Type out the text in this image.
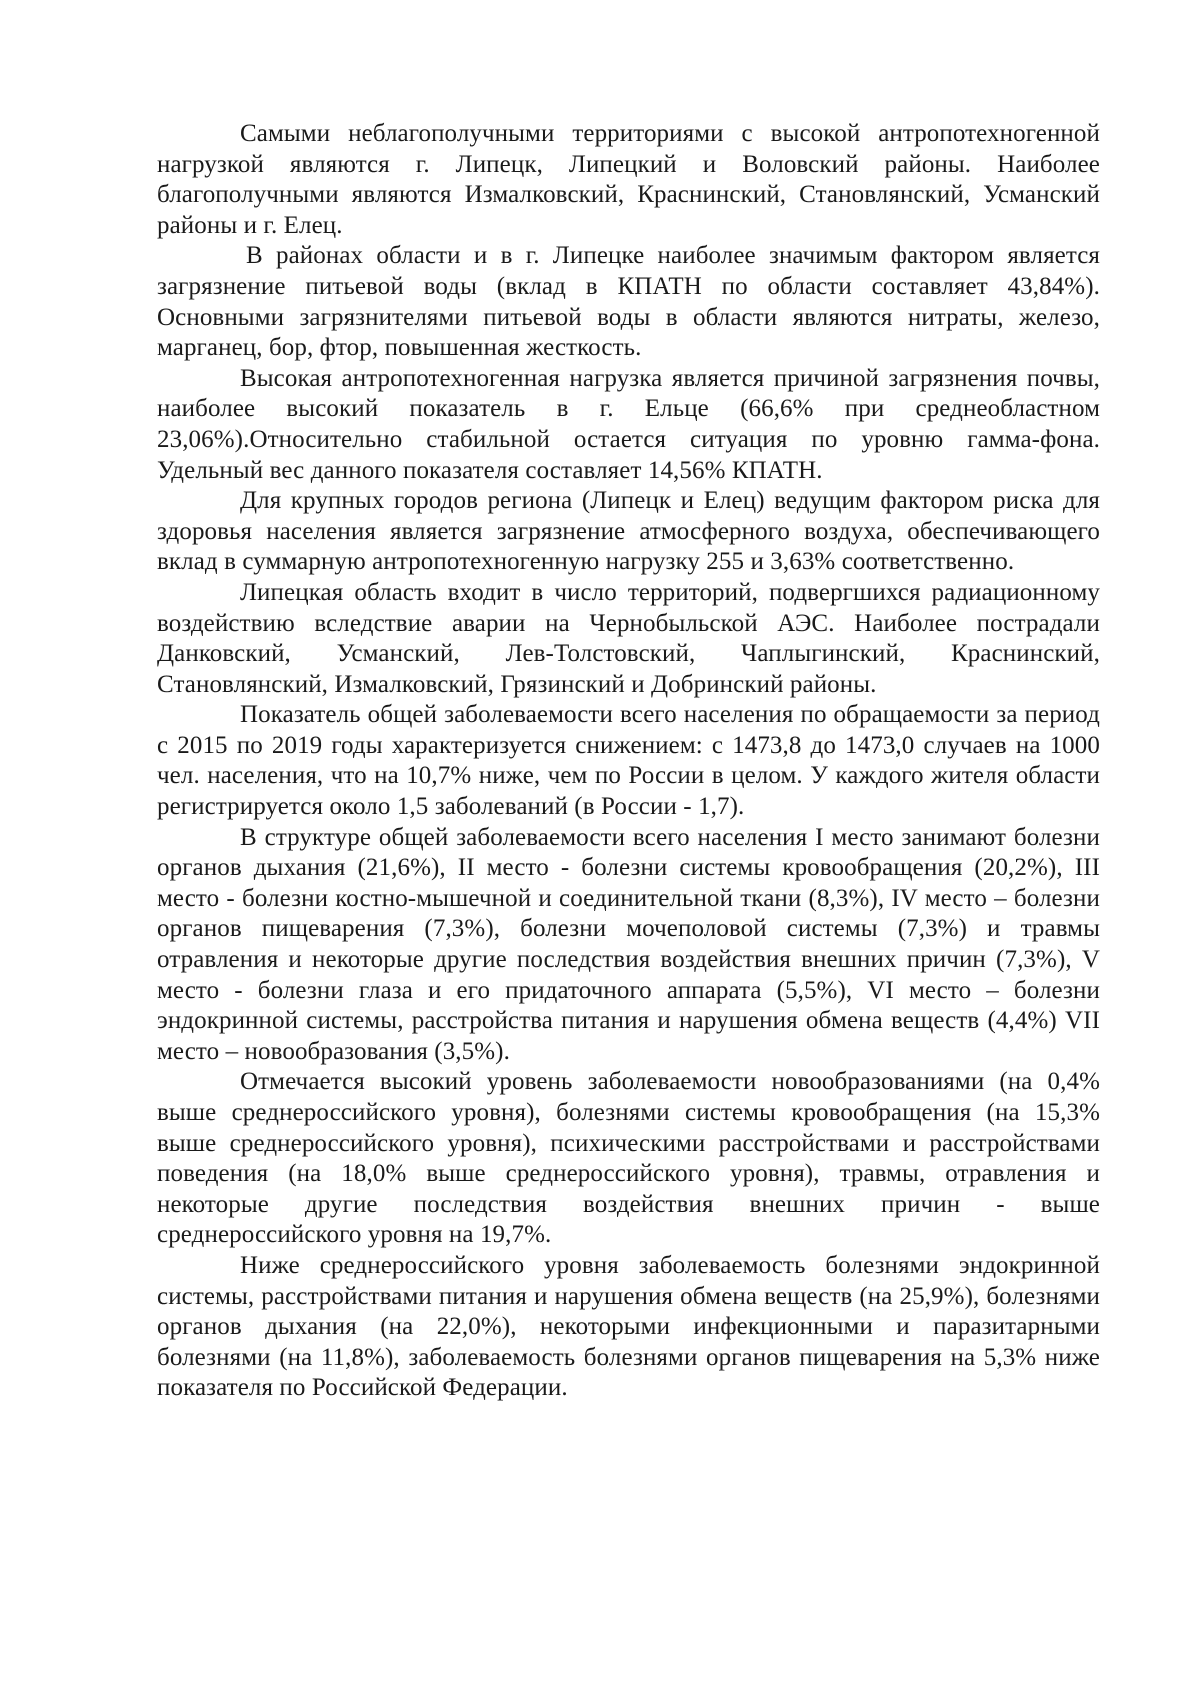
Самыми неблагополучными территориями с высокой антропотехногенной нагрузкой являются г. Липецк, Липецкий и Воловский районы. Наиболее благополучными являются Измалковский, Краснинский, Становлянский, Усманский районы и г. Елец.

В районах области и в г. Липецке наиболее значимым фактором является загрязнение питьевой воды (вклад в КПАТН по области составляет 43,84%). Основными загрязнителями питьевой воды в области являются нитраты, железо, марганец, бор, фтор, повышенная жесткость.

Высокая антропотехногенная нагрузка является причиной загрязнения почвы, наиболее высокий показатель в г. Ельце (66,6% при среднеобластном 23,06%).Относительно стабильной остается ситуация по уровню гамма-фона. Удельный вес данного показателя составляет 14,56% КПАТН.

Для крупных городов региона (Липецк и Елец) ведущим фактором риска для здоровья населения является загрязнение атмосферного воздуха, обеспечивающего вклад в суммарную антропотехногенную нагрузку 255 и 3,63% соответственно.

Липецкая область входит в число территорий, подвергшихся радиационному воздействию вследствие аварии на Чернобыльской АЭС. Наиболее пострадали Данковский, Усманский, Лев-Толстовский, Чаплыгинский, Краснинский, Становлянский, Измалковский, Грязинский и Добринский районы.

Показатель общей заболеваемости всего населения по обращаемости за период с 2015 по 2019 годы характеризуется снижением: с 1473,8 до 1473,0 случаев на 1000 чел. населения, что на 10,7% ниже, чем по России в целом. У каждого жителя области регистрируется около 1,5 заболеваний (в России - 1,7).

В структуре общей заболеваемости всего населения I место занимают болезни органов дыхания (21,6%), II место - болезни системы кровообращения (20,2%), III место - болезни костно-мышечной и соединительной ткани (8,3%), IV место – болезни органов пищеварения (7,3%), болезни мочеполовой системы (7,3%) и травмы отравления и некоторые другие последствия воздействия внешних причин (7,3%), V место - болезни глаза и его придаточного аппарата (5,5%), VI место – болезни эндокринной системы, расстройства питания и нарушения обмена веществ (4,4%) VII место – новообразования (3,5%).

Отмечается высокий уровень заболеваемости новообразованиями (на 0,4% выше среднероссийского уровня), болезнями системы кровообращения (на 15,3% выше среднероссийского уровня), психическими расстройствами и расстройствами поведения (на 18,0% выше среднероссийского уровня), травмы, отравления и некоторые другие последствия воздействия внешних причин - выше среднероссийского уровня на 19,7%.

Ниже среднероссийского уровня заболеваемость болезнями эндокринной системы, расстройствами питания и нарушения обмена веществ (на 25,9%), болезнями органов дыхания (на 22,0%), некоторыми инфекционными и паразитарными болезнями (на 11,8%), заболеваемость болезнями органов пищеварения на 5,3% ниже показателя по Российской Федерации.
